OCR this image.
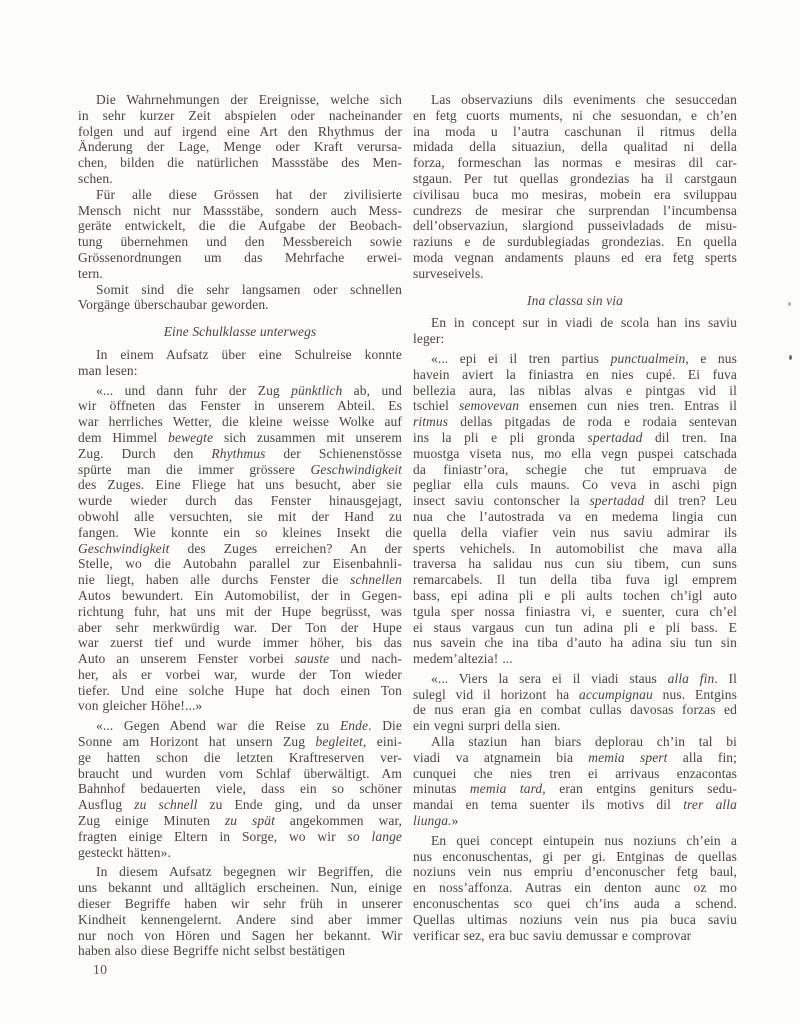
Die Wahrnehmungen der Ereignisse, welche sich
in sehr kurzer Zeit abspielen oder nacheinander
folgen und auf irgend eine Art den Rhythmus der
Änderung der Lage, Menge oder Kraft verursa-
chen, bilden die natürlichen Massstäbe des Men-
schen.
Für alle diese Grössen hat der zivilisierte
Mensch nicht nur Massstäbe, sondern auch Mess-
geräte entwickelt, die die Aufgabe der Beobach-
tung übernehmen und den Messbereich sowie
Grössenordnungen um das Mehrfache erwei-
tern.
Somit sind die sehr langsamen oder schnellen
Vorgänge überschaubar geworden.
Eine Schulklasse unterwegs
In einem Aufsatz über eine Schulreise konnte
man lesen:
«... und dann fuhr der Zug pünktlich ab, und
wir öffneten das Fenster in unserem Abteil. Es
war herrliches Wetter, die kleine weisse Wolke auf
dem Himmel bewegte sich zusammen mit unserem
Zug. Durch den Rhythmus der Schienenstösse
spürte man die immer grössere Geschwindigkeit
des Zuges. Eine Fliege hat uns besucht, aber sie
wurde wieder durch das Fenster hinausgejagt,
obwohl alle versuchten, sie mit der Hand zu
fangen. Wie konnte ein so kleines Insekt die
Geschwindigkeit des Zuges erreichen? An der
Stelle, wo die Autobahn parallel zur Eisenbahnli-
nie liegt, haben alle durchs Fenster die schnellen
Autos bewundert. Ein Automobilist, der in Gegen-
richtung fuhr, hat uns mit der Hupe begrüsst, was
aber sehr merkwürdig war. Der Ton der Hupe
war zuerst tief und wurde immer höher, bis das
Auto an unserem Fenster vorbei sauste und nach-
her, als er vorbei war, wurde der Ton wieder
tiefer. Und eine solche Hupe hat doch einen Ton
von gleicher Höhe!...»
«... Gegen Abend war die Reise zu Ende. Die
Sonne am Horizont hat unsern Zug begleitet, eini-
ge hatten schon die letzten Kraftreserven ver-
braucht und wurden vom Schlaf überwältigt. Am
Bahnhof bedauerten viele, dass ein so schöner
Ausflug zu schnell zu Ende ging, und da unser
Zug einige Minuten zu spät angekommen war,
fragten einige Eltern in Sorge, wo wir so lange
gesteckt hätten».
In diesem Aufsatz begegnen wir Begriffen, die
uns bekannt und alltäglich erscheinen. Nun, einige
dieser Begriffe haben wir sehr früh in unserer
Kindheit kennengelernt. Andere sind aber immer
nur noch von Hören und Sagen her bekannt. Wir
haben also diese Begriffe nicht selbst bestätigen
Las observaziuns dils eveniments che sesuccedan
en fetg cuorts muments, ni che sesuondan, e ch’en
ina moda u l’autra caschunan il ritmus della
midada della situaziun, della qualitad ni della
forza, formeschan las normas e mesiras dil car-
stgaun. Per tut quellas grondezias ha il carstgaun
civilisau buca mo mesiras, mobein era sviluppau
cundrezs de mesirar che surprendan l’incumbensa
dell’observaziun, slargiond pusseivladads de misu-
raziuns e de surdublegiadas grondezias. En quella
moda vegnan andaments plauns ed era fetg sperts
surveseivels.
Ina classa sin via
En in concept sur in viadi de scola han ins saviu
leger:
«... epi ei il tren partius punctualmein, e nus
havein aviert la finiastra en nies cupé. Ei fuva
bellezia aura, las niblas alvas e pintgas vid il
tschiel semovevan ensemen cun nies tren. Entras il
ritmus dellas pitgadas de roda e rodaia sentevan
ins la pli e pli gronda spertadad dil tren. Ina
muostga viseta nus, mo ella vegn puspei catschada
da finiastr’ora, schegie che tut empruava de
pegliar ella culs mauns. Co veva in aschi pign
insect saviu contonscher la spertadad dil tren? Leu
nua che l’autostrada va en medema lingia cun
quella della viafier vein nus saviu admirar ils
sperts vehichels. In automobilist che mava alla
traversa ha salidau nus cun siu tibem, cun suns
remarcabels. Il tun della tiba fuva igl emprem
bass, epi adina pli e pli aults tochen ch’igl auto
tgula sper nossa finiastra vi, e suenter, cura ch’el
ei staus vargaus cun tun adina pli e pli bass. E
nus savein che ina tiba d’auto ha adina siu tun sin
medem’altezia! ...
«... Viers la sera ei il viadi staus alla fin. Il
sulegl vid il horizont ha accumpignau nus. Entgins
de nus eran gia en combat cullas davosas forzas ed
ein vegni surpri della sien.
Alla staziun han biars deplorau ch’in tal bi
viadi va atgnamein bia memia spert alla fin;
cunquei che nies tren ei arrivaus enzacontas
minutas memia tard, eran entgins geniturs sedu-
mandai en tema suenter ils motivs dil trer alla
liunga.»
En quei concept eintupein nus noziuns ch’ein a
nus enconuschentas, gi per gi. Entginas de quellas
noziuns vein nus empriu d’enconuscher fetg baul,
en noss’affonza. Autras ein denton aunc oz mo
enconuschentas sco quei ch’ins auda a schend.
Quellas ultimas noziuns vein nus pia buca saviu
verificar sez, era buc saviu demussar e comprovar
10
